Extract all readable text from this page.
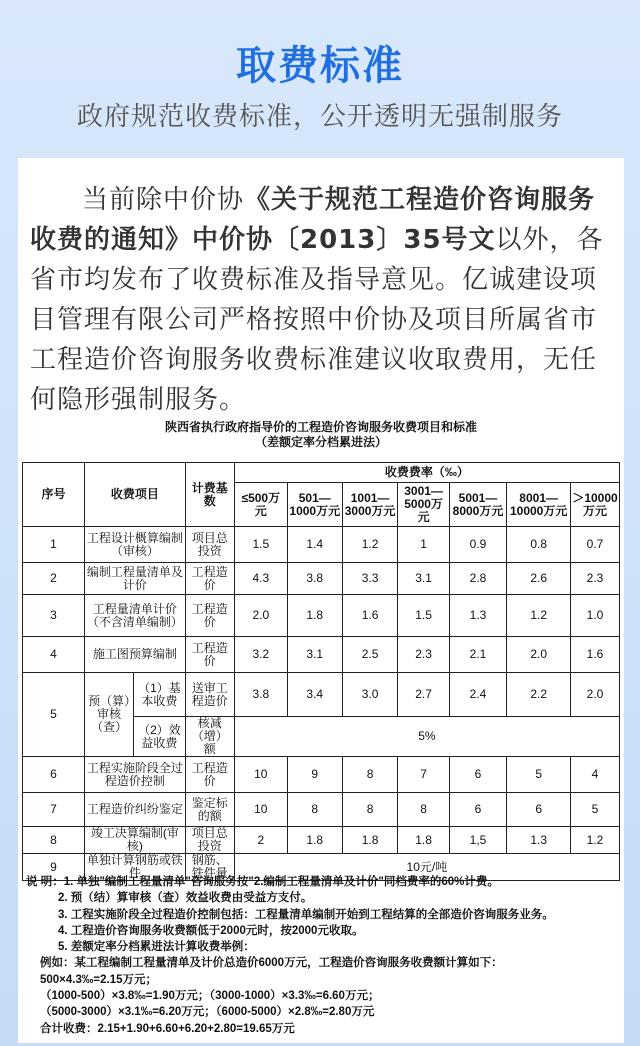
取费标准
政府规范收费标准，公开透明无强制服务
当前除中价协《关于规范工程造价咨询服务收费的通知》中价协〔2013〕35号文以外，各省市均发布了收费标准及指导意见。亿诚建设项目管理有限公司严格按照中价协及项目所属省市工程造价咨询服务收费标准建议收取费用，无任何隐形强制服务。
陕西省执行政府指导价的工程造价咨询服务收费项目和标准
（差额定率分档累进法）
序号	收费项目		计费基数	收费费率（‰）						
				≤500万元	501—1000万元	1001—3000万元	3001—5000万元	5001—8000万元	8001—10000万元	＞10000万元
1	工程设计概算编制（审核）		项目总投资	1.5	1.4	1.2	1	0.9	0.8	0.7
2	编制工程量清单及计价		工程造价	4.3	3.8	3.3	3.1	2.8	2.6	2.3
3	工程量清单计价（不含清单编制）		工程造价	2.0	1.8	1.6	1.5	1.3	1.2	1.0
4	施工图预算编制		工程造价	3.2	3.1	2.5	2.3	2.1	2.0	1.6
5	预（算）审核（查）	（1）基本收费	送审工程造价	3.8	3.4	3.0	2.7	2.4	2.2	2.0
		（2）效益收费	核减（增）额	5%						
6	工程实施阶段全过程造价控制		工程造价	10	9	8	7	6	5	4
7	工程造价纠纷鉴定		鉴定标的额	10	8	8	8	6	6	5
8	竣工决算编制(审核)		项目总投资	2	1.8	1.8	1.8	1,5	1.3	1.2
9	单独计算钢筋或铁件		钢筋、铁件量	10元/吨						
说 明：1. 单独"编制工程量清单"咨询服务按"2.编制工程量清单及计价"同档费率的60%计费。
2. 预（结）算审核（查）效益收费由受益方支付。
3. 工程实施阶段全过程造价控制包括：工程量清单编制开始到工程结算的全部造价咨询服务业务。
4. 工程造价咨询服务收费额低于2000元时，按2000元收取。
5. 差额定率分档累进法计算收费举例：
例如：某工程编制工程量清单及计价总造价6000万元，工程造价咨询服务收费额计算如下：
500×4.3‰=2.15万元；
（1000-500）×3.8‰=1.90万元；（3000-1000）×3.3‰=6.60万元；
（5000-3000）×3.1‰=6.20万元；（6000-5000）×2.8‰=2.80万元
合计收费：2.15+1.90+6.60+6.20+2.80=19.65万元
